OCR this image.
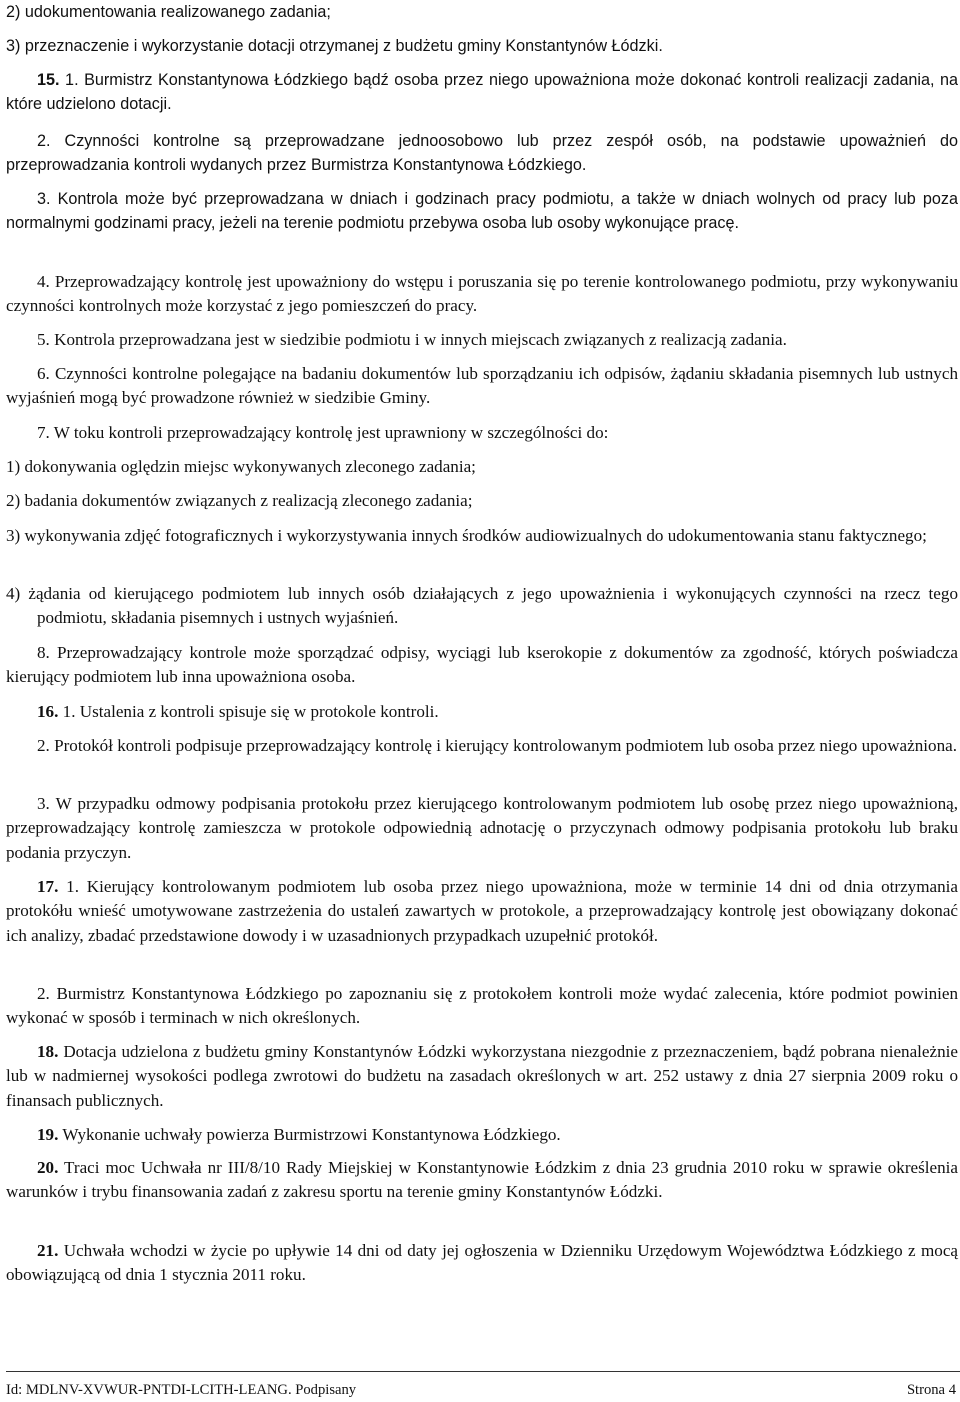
2) udokumentowania realizowanego zadania;
3) przeznaczenie i wykorzystanie dotacji otrzymanej z budżetu gminy Konstantynów Łódzki.
15. 1. Burmistrz Konstantynowa Łódzkiego bądź osoba przez niego upoważniona może dokonać kontroli realizacji zadania, na które udzielono dotacji.
2. Czynności kontrolne są przeprowadzane jednoosobowo lub przez zespół osób, na podstawie upoważnień do przeprowadzania kontroli wydanych przez Burmistrza Konstantynowa Łódzkiego.
3. Kontrola może być przeprowadzana w dniach i godzinach pracy podmiotu, a także w dniach wolnych od pracy lub poza normalnymi godzinami pracy, jeżeli na terenie podmiotu przebywa osoba lub osoby wykonujące pracę.
4. Przeprowadzający kontrolę jest upoważniony do wstępu i poruszania się po terenie kontrolowanego podmiotu, przy wykonywaniu czynności kontrolnych może korzystać z jego pomieszczeń do pracy.
5. Kontrola przeprowadzana jest w siedzibie podmiotu i w innych miejscach związanych z realizacją zadania.
6. Czynności kontrolne polegające na badaniu dokumentów lub sporządzaniu ich odpisów, żądaniu składania pisemnych lub ustnych wyjaśnień mogą być prowadzone również w siedzibie Gminy.
7. W toku kontroli przeprowadzający kontrolę jest uprawniony w szczególności do:
1) dokonywania oględzin miejsc wykonywanych zleconego zadania;
2) badania dokumentów związanych z realizacją zleconego zadania;
3) wykonywania zdjęć fotograficznych i wykorzystywania innych środków audiowizualnych do udokumentowania stanu faktycznego;
4) żądania od kierującego podmiotem lub innych osób działających z jego upoważnienia i wykonujących czynności na rzecz tego podmiotu, składania pisemnych i ustnych wyjaśnień.
8. Przeprowadzający kontrole może sporządzać odpisy, wyciągi lub kserokopie z dokumentów za zgodność, których poświadcza kierujący podmiotem lub inna upoważniona osoba.
16. 1. Ustalenia z kontroli spisuje się w protokole kontroli.
2. Protokół kontroli podpisuje przeprowadzający kontrolę i kierujący kontrolowanym podmiotem lub osoba przez niego upoważniona.
3. W przypadku odmowy podpisania protokołu przez kierującego kontrolowanym podmiotem lub osobę przez niego upoważnioną, przeprowadzający kontrolę zamieszcza w protokole odpowiednią adnotację o przyczynach odmowy podpisania protokołu lub braku podania przyczyn.
17. 1. Kierujący kontrolowanym podmiotem lub osoba przez niego upoważniona, może w terminie 14 dni od dnia otrzymania protokółu wnieść umotywowane zastrzeżenia do ustaleń zawartych w protokole, a przeprowadzający kontrolę jest obowiązany dokonać ich analizy, zbadać przedstawione dowody i w uzasadnionych przypadkach uzupełnić protokół.
2. Burmistrz Konstantynowa Łódzkiego po zapoznaniu się z protokołem kontroli może wydać zalecenia, które podmiot powinien wykonać w sposób i terminach w nich określonych.
18. Dotacja udzielona z budżetu gminy Konstantynów Łódzki wykorzystana niezgodnie z przeznaczeniem, bądź pobrana nienależnie lub w nadmiernej wysokości podlega zwrotowi do budżetu na zasadach określonych w art. 252 ustawy z dnia 27 sierpnia 2009 roku o finansach publicznych.
19. Wykonanie uchwały powierza Burmistrzowi Konstantynowa Łódzkiego.
20. Traci moc Uchwała nr III/8/10 Rady Miejskiej w Konstantynowie Łódzkim z dnia 23 grudnia 2010 roku w sprawie określenia warunków i trybu finansowania zadań z zakresu sportu na terenie gminy Konstantynów Łódzki.
21. Uchwała wchodzi w życie po upływie 14 dni od daty jej ogłoszenia w Dzienniku Urzędowym Województwa Łódzkiego z mocą obowiązującą od dnia 1 stycznia 2011 roku.
Id: MDLNV-XVWUR-PNTDI-LCITH-LEANG. Podpisany	Strona 4
